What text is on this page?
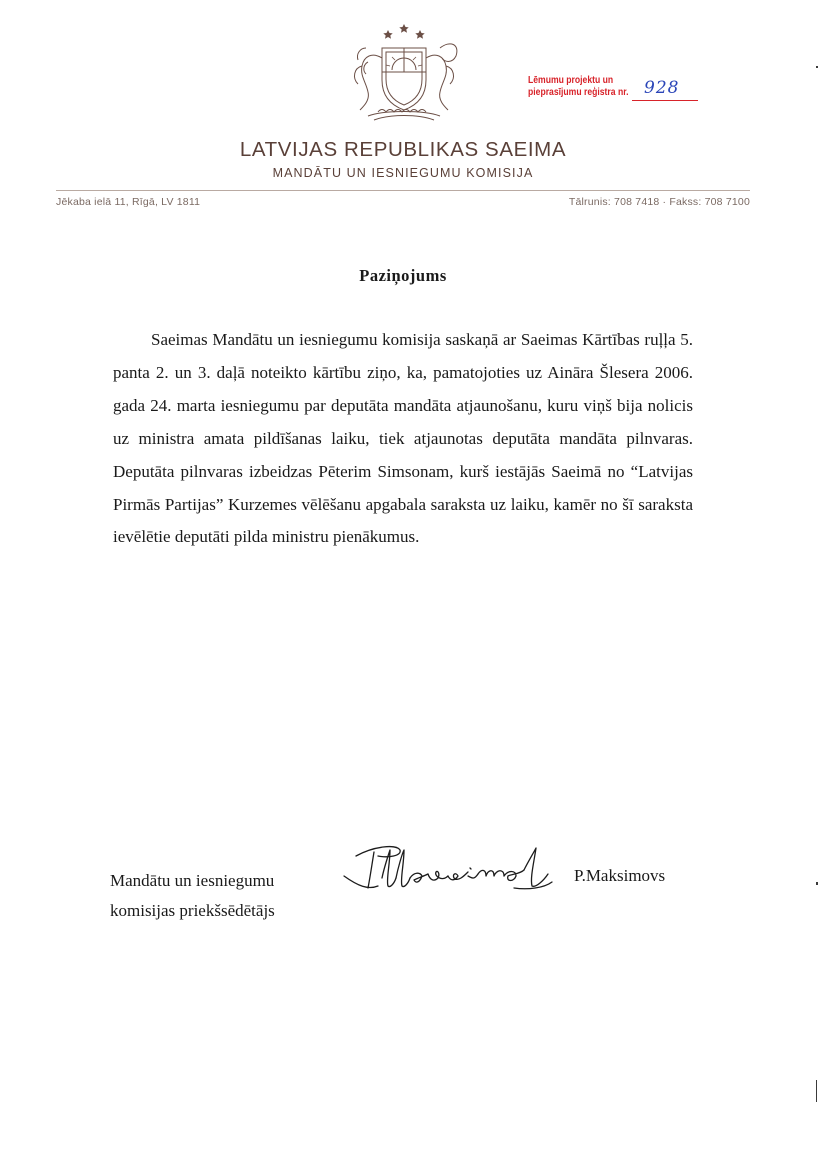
Lēmumu projektu un
pieprasījumu reģistra nr. 928
LATVIJAS REPUBLIKAS SAEIMA
MANDĀTU UN IESNIEGUMU KOMISIJA
Jēkaba ielā 11, Rīgā, LV 1811	Tālrunis: 708 7418 · Fakss: 708 7100
Paziņojums

Saeimas Mandātu un iesniegumu komisija saskaņā ar Saeimas Kārtības ruļļa 5. panta 2. un 3. daļā noteikto kārtību ziņo, ka, pamatojoties uz Aināra Šlesera 2006. gada 24. marta iesniegumu par deputāta mandāta atjaunošanu, kuru viņš bija nolicis uz ministra amata pildīšanas laiku, tiek atjaunotas deputāta mandāta pilnvaras. Deputāta pilnvaras izbeidzas Pēterim Simsonam, kurš iestājās Saeimā no “Latvijas Pirmās Partijas” Kurzemes vēlēšanu apgabala saraksta uz laiku, kamēr no šī saraksta ievēlētie deputāti pilda ministru pienākumus.

Mandātu un iesniegumu
komisijas priekšsēdētājs
P.Maksimovs
